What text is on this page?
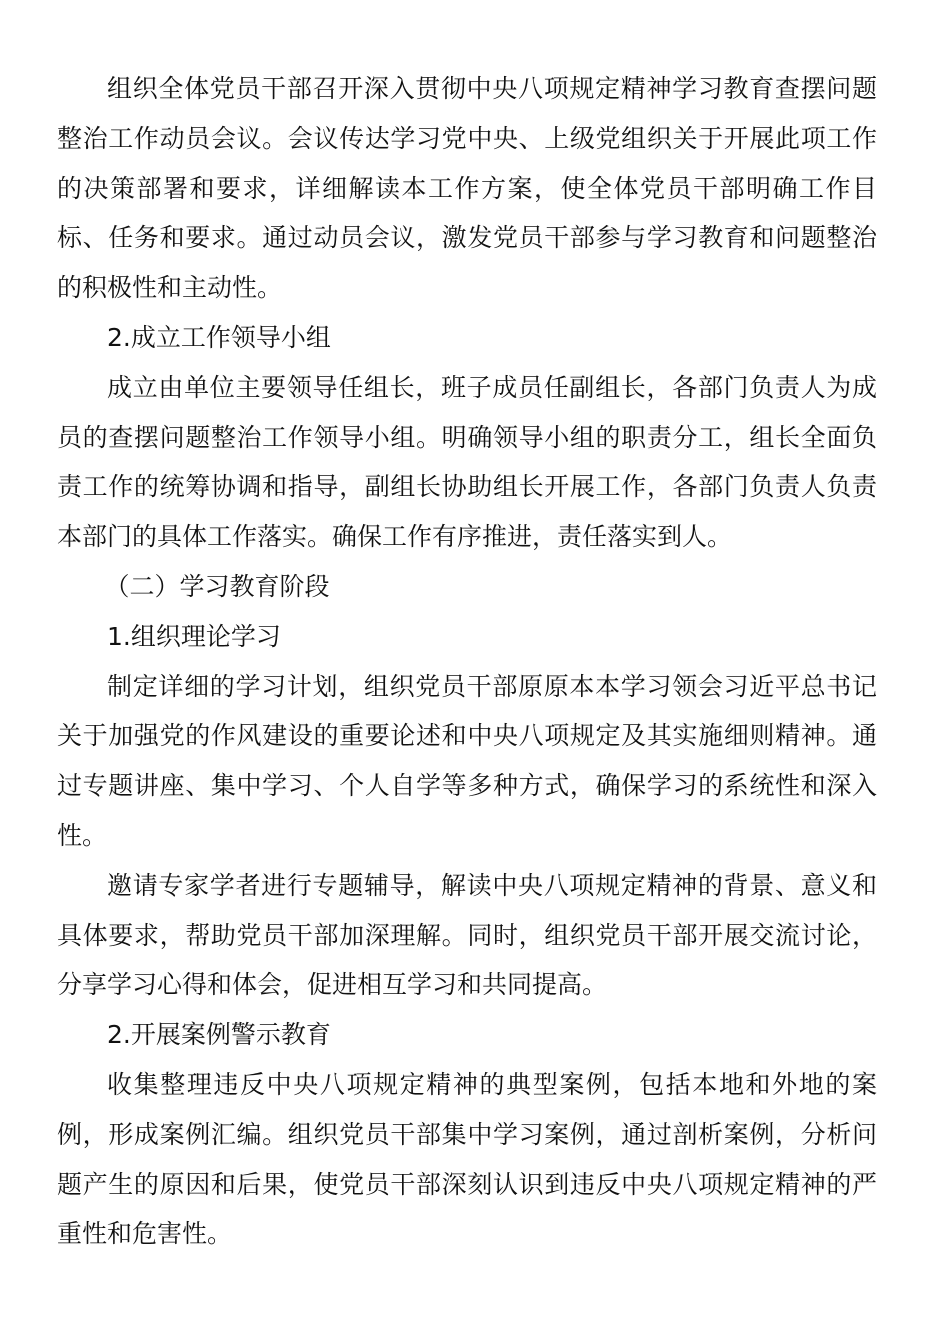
组织全体党员干部召开深入贯彻中央八项规定精神学习教育查摆问题整治工作动员会议。会议传达学习党中央、上级党组织关于开展此项工作的决策部署和要求，详细解读本工作方案，使全体党员干部明确工作目标、任务和要求。通过动员会议，激发党员干部参与学习教育和问题整治的积极性和主动性。

2.成立工作领导小组

成立由单位主要领导任组长，班子成员任副组长，各部门负责人为成员的查摆问题整治工作领导小组。明确领导小组的职责分工，组长全面负责工作的统筹协调和指导，副组长协助组长开展工作，各部门负责人负责本部门的具体工作落实。确保工作有序推进，责任落实到人。

（二）学习教育阶段

1.组织理论学习

制定详细的学习计划，组织党员干部原原本本学习领会习近平总书记关于加强党的作风建设的重要论述和中央八项规定及其实施细则精神。通过专题讲座、集中学习、个人自学等多种方式，确保学习的系统性和深入性。

邀请专家学者进行专题辅导，解读中央八项规定精神的背景、意义和具体要求，帮助党员干部加深理解。同时，组织党员干部开展交流讨论，分享学习心得和体会，促进相互学习和共同提高。

2.开展案例警示教育

收集整理违反中央八项规定精神的典型案例，包括本地和外地的案例，形成案例汇编。组织党员干部集中学习案例，通过剖析案例，分析问题产生的原因和后果，使党员干部深刻认识到违反中央八项规定精神的严重性和危害性。
